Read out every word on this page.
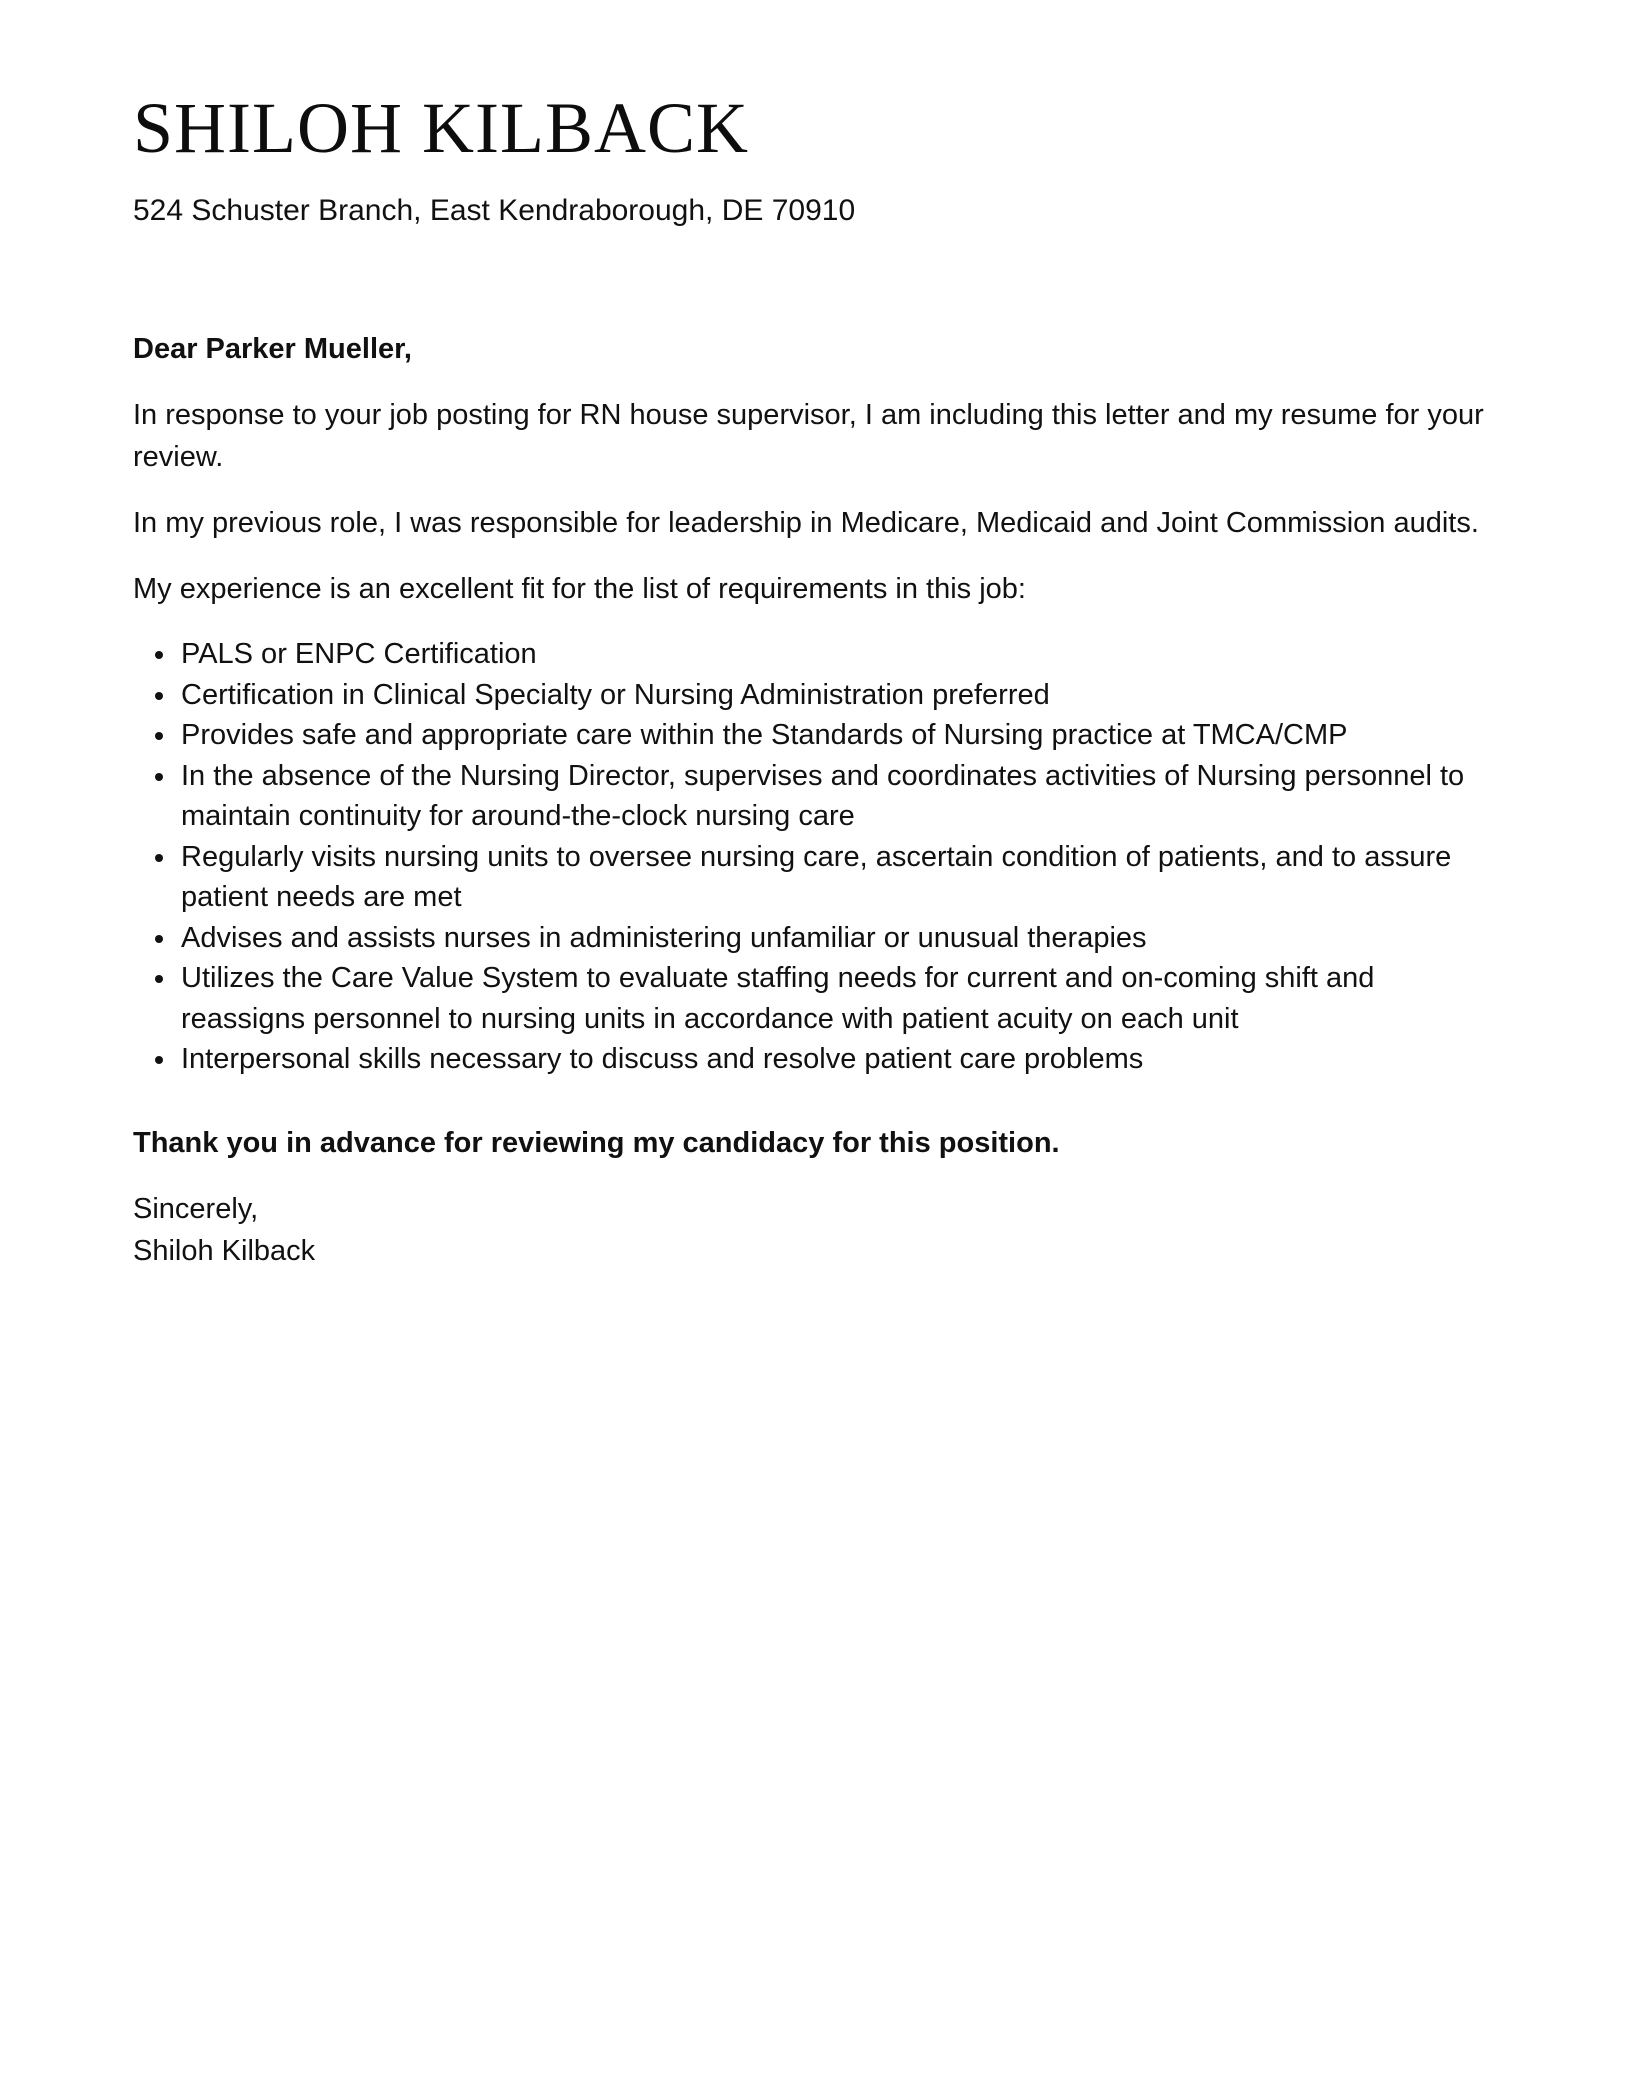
SHILOH KILBACK
524 Schuster Branch, East Kendraborough, DE 70910

Dear Parker Mueller,

In response to your job posting for RN house supervisor, I am including this letter and my resume for your review.

In my previous role, I was responsible for leadership in Medicare, Medicaid and Joint Commission audits.

My experience is an excellent fit for the list of requirements in this job:

PALS or ENPC Certification
Certification in Clinical Specialty or Nursing Administration preferred
Provides safe and appropriate care within the Standards of Nursing practice at TMCA/CMP
In the absence of the Nursing Director, supervises and coordinates activities of Nursing personnel to maintain continuity for around-the-clock nursing care
Regularly visits nursing units to oversee nursing care, ascertain condition of patients, and to assure patient needs are met
Advises and assists nurses in administering unfamiliar or unusual therapies
Utilizes the Care Value System to evaluate staffing needs for current and on-coming shift and reassigns personnel to nursing units in accordance with patient acuity on each unit
Interpersonal skills necessary to discuss and resolve patient care problems

Thank you in advance for reviewing my candidacy for this position.

Sincerely,
Shiloh Kilback
